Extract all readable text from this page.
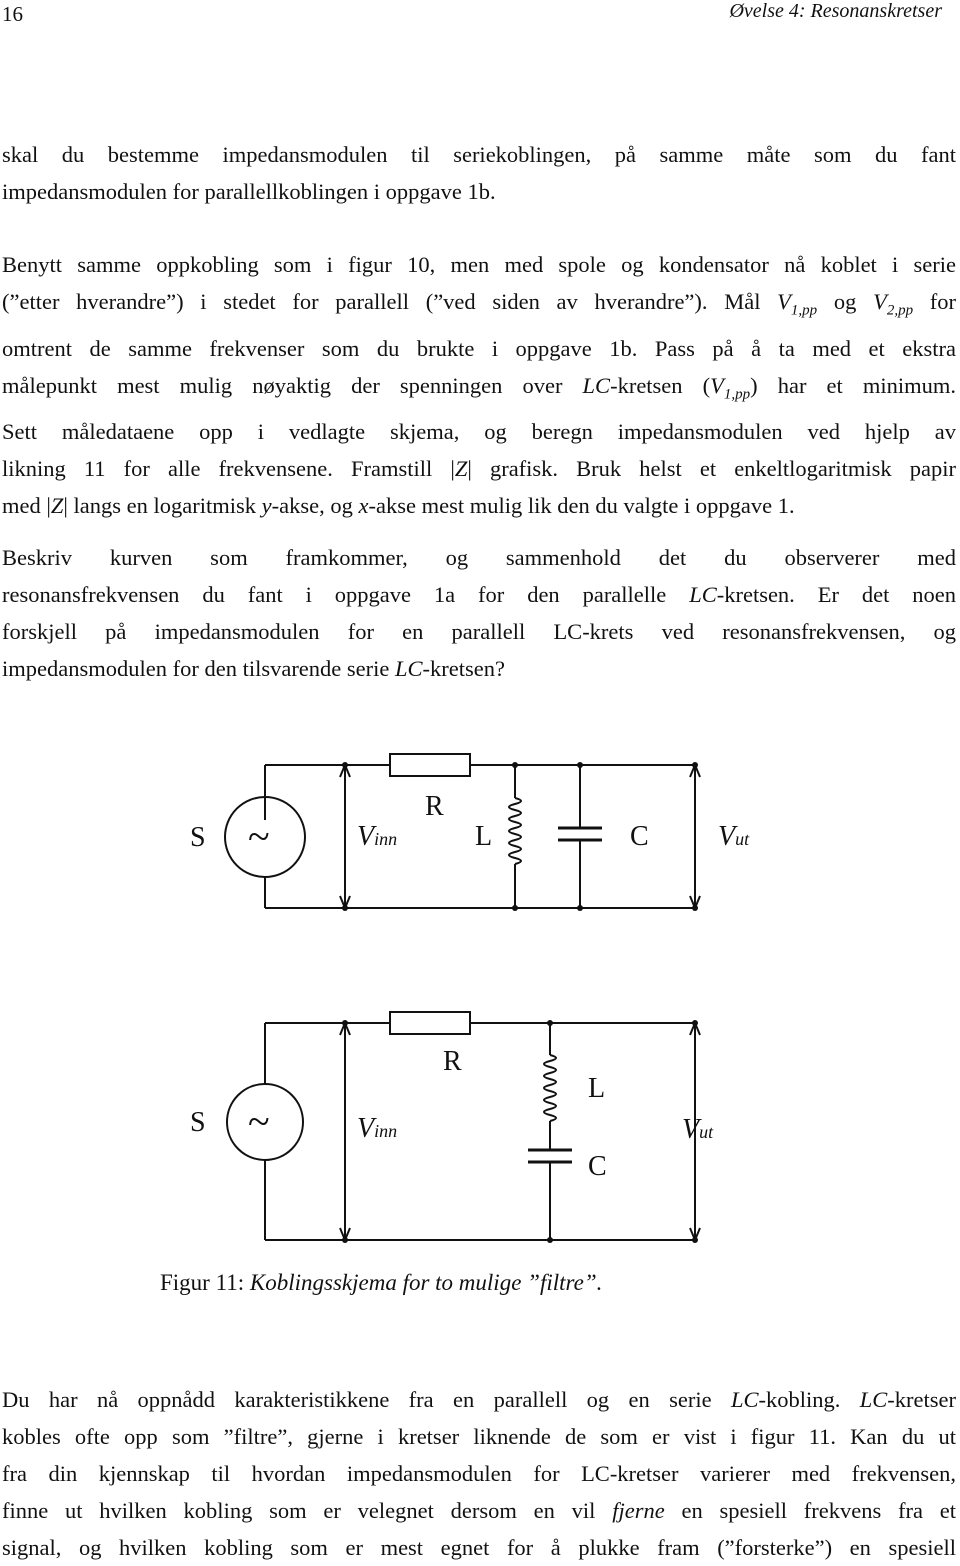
16	Øvelse 4: Resonanskretser
skal du bestemme impedansmodulen til seriekoblingen, på samme måte som du fant
impedansmodulen for parallellkoblingen i oppgave 1b.
Benytt samme oppkobling som i figur 10, men med spole og kondensator nå koblet i serie
(”etter hverandre”) i stedet for parallell (”ved siden av hverandre”). Mål $V_{1,pp}$ og $V_{2,pp}$ for
omtrent de samme frekvenser som du brukte i oppgave 1b. Pass på å ta med et ekstra
målepunkt mest mulig nøyaktig der spenningen over LC-kretsen $(V_{1,pp})$ har et minimum.
Sett måledataene opp i vedlagte skjema, og beregn impedansmodulen ved hjelp av
likning 11 for alle frekvensene. Framstill |Z| grafisk. Bruk helst et enkeltlogaritmisk papir
med |Z| langs en logaritmisk y-akse, og x-akse mest mulig lik den du valgte i oppgave 1.
Beskriv kurven som framkommer, og sammenhold det du observerer med
resonansfrekvensen du fant i oppgave 1a for den parallelle LC-kretsen. Er det noen
forskjell på impedansmodulen for en parallell LC-krets ved resonansfrekvensen, og
impedansmodulen for den tilsvarende serie LC-kretsen?
S ~	Vinn
R
L	C Vut
S ~	Vinn
R
L
C
Vut
Figur 11: Koblingsskjema for to mulige ”filtre”.
Du har nå oppnådd karakteristikkene fra en parallell og en serie LC-kobling. LC-kretser
kobles ofte opp som ”filtre”, gjerne i kretser liknende de som er vist i figur 11. Kan du ut
fra din kjennskap til hvordan impedansmodulen for LC-kretser varierer med frekvensen,
finne ut hvilken kobling som er velegnet dersom en vil fjerne en spesiell frekvens fra et
signal, og hvilken kobling som er mest egnet for å plukke fram (”forsterke”) en spesiell
